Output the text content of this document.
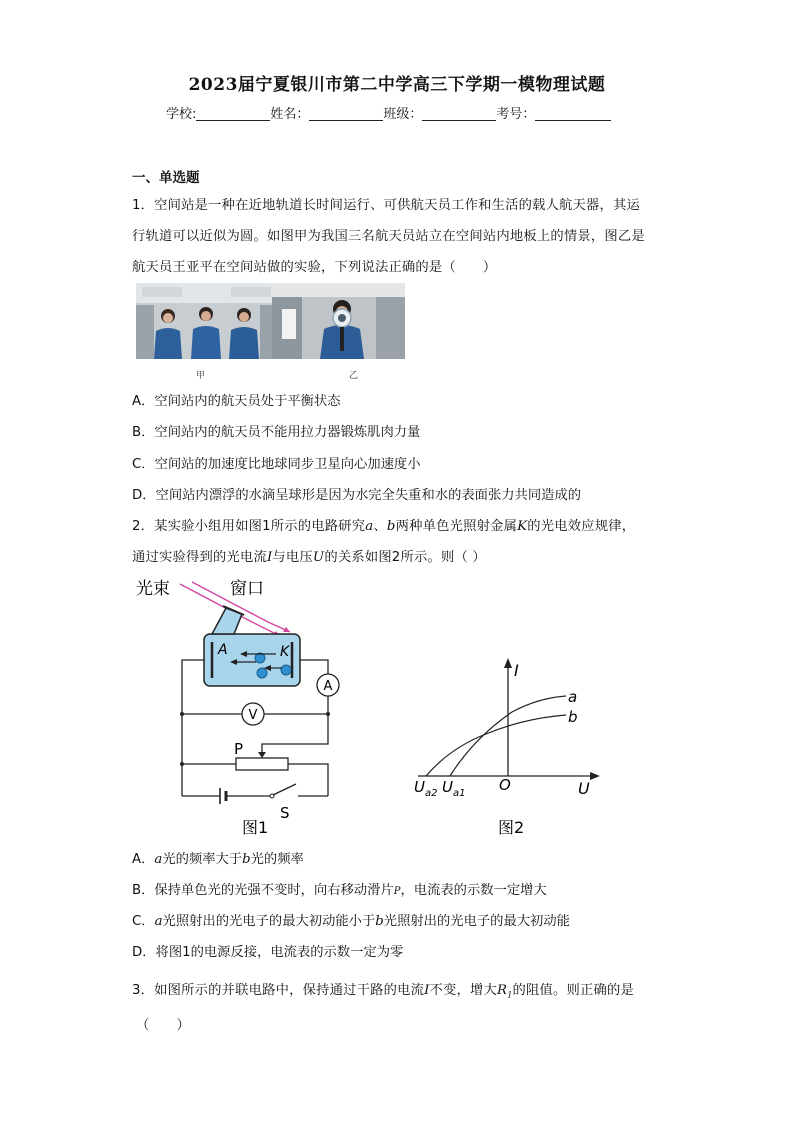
2023届宁夏银川市第二中学高三下学期一模物理试题
学校:	姓名：	班级：	考号：
一、单选题
1．空间站是一种在近地轨道长时间运行、可供航天员工作和生活的载人航天器，其运
行轨道可以近似为圆。如图甲为我国三名航天员站立在空间站内地板上的情景，图乙是
航天员王亚平在空间站做的实验，下列说法正确的是（　　）
甲	乙
A．空间站内的航天员处于平衡状态
B．空间站内的航天员不能用拉力器锻炼肌肉力量
C．空间站的加速度比地球同步卫星向心加速度小
D．空间站内漂浮的水滴呈球形是因为水完全失重和水的表面张力共同造成的
2．某实验小组用如图1所示的电路研究a、b两种单色光照射金属K的光电效应规律，
通过实验得到的光电流I与电压U的关系如图2所示。则（ ）
光束	窗口
A	K
A
V
P
S
图1
I
U
O
a
b
$U_{a2}$ $U_{a1}$
图2
A．a光的频率大于b光的频率
B．保持单色光的光强不变时，向右移动滑片P，电流表的示数一定增大
C．a光照射出的光电子的最大初动能小于b光照射出的光电子的最大初动能
D．将图1的电源反接，电流表的示数一定为零
3．如图所示的并联电路中，保持通过干路的电流I不变，增大$R_1$的阻值。则正确的是
（　　）
